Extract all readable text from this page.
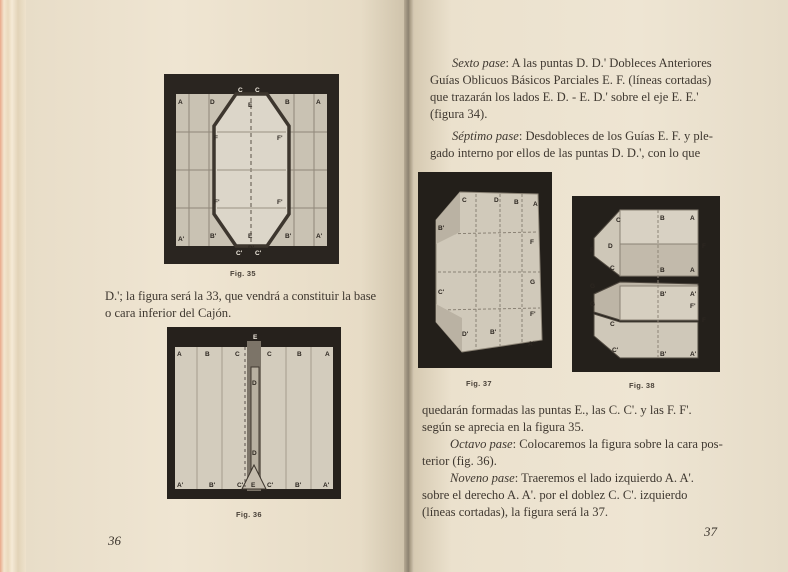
A	D
C C
B	A
E
F	F'
F'	F'
A'	B'
C'
E
C'
B'	A'
D'
Fig. 35
D.'; la figura será la 33, que vendrá a constituir la base
o cara inferior del Cajón.
A	B	C
E
C	B	A
D
D
A'	B'	C' E C'	B'	A'
Fig. 36
36
Sexto pase: A las puntas D. D.' Dobleces Anteriores
Guías Oblicuos Básicos Parciales E. F. (líneas cortadas)
que trazarán los lados E. D. - E. D.' sobre el eje E. E.'
(figura 34).
Séptimo pase: Desdobleces de los Guías E. F. y ple-
gado interno por ellos de las puntas D. D.', con lo que
C	D B A
B'
F
G
F'
C'
D'	B'
A'
Fig. 37
C	B	A
D
F
F
C
G
B	A
B'	A'
F'
G
C
F
C'
B'	A'
Fig. 38
quedarán formadas las puntas E., las C. C'. y las F. F'.
según se aprecia en la figura 35.
Octavo pase: Colocaremos la figura sobre la cara pos-
terior (fig. 36).
Noveno pase: Traeremos el lado izquierdo A. A'.
sobre el derecho A. A'. por el doblez C. C'. izquierdo
(líneas cortadas), la figura será la 37.
37
